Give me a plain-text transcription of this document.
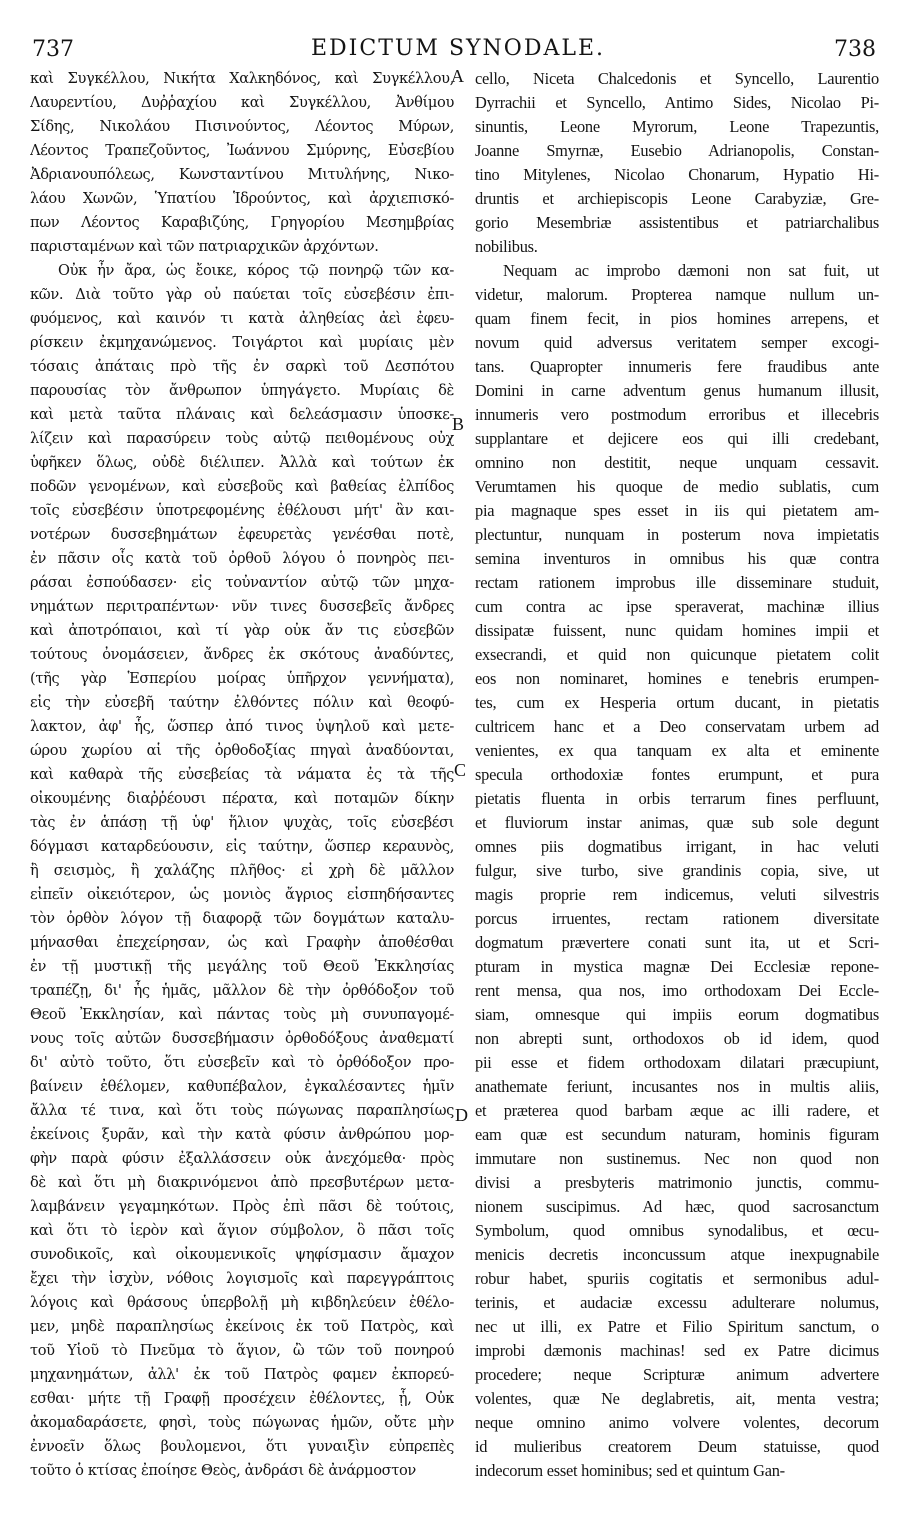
737	EDICTUM SYNODALE.	738
καὶ Συγκέλλου, Νικήτα Χαλκηδόνος, καὶ Συγκέλλου,
Λαυρεντίου, Δυῤῥαχίου καὶ Συγκέλλου, Ἀνθίμου
Σίδης, Νικολάου Πισινούντος, Λέοντος Μύρων,
Λέοντος Τραπεζοῦντος, Ἰωάννου Σμύρνης, Εὐσεβίου
Ἀδριανουπόλεως, Κωνσταντίνου Μιτυλήνης, Νικο-
λάου Χωνῶν, Ὑπατίου Ἱδρούντος, καὶ ἀρχιεπισκό-
πων Λέοντος Καραβιζύης, Γρηγορίου Μεσημβρίας
παρισταμένων καὶ τῶν πατριαρχικῶν ἀρχόντων.
Οὐκ ἦν ἄρα, ὡς ἔοικε, κόρος τῷ πονηρῷ τῶν κα-
κῶν. Διὰ τοῦτο γὰρ οὐ παύεται τοῖς εὐσεβέσιν ἐπι-
φυόμενος, καὶ καινόν τι κατὰ ἀληθείας ἀεὶ ἐφευ-
ρίσκειν ἐκμηχανώμενος. Τοιγάρτοι καὶ μυρίαις μὲν
τόσαις ἀπάταις πρὸ τῆς ἐν σαρκὶ τοῦ Δεσπότου
παρουσίας τὸν ἄνθρωπον ὑπηγάγετο. Μυρίαις δὲ
καὶ μετὰ ταῦτα πλάναις καὶ δελεάσμασιν ὑποσκε-
λίζειν καὶ παρασύρειν τοὺς αὐτῷ πειθομένους οὐχ
ὑφῆκεν ὅλως, οὐδὲ διέλιπεν. Ἀλλὰ καὶ τούτων ἐκ
ποδῶν γενομένων, καὶ εὐσεβοῦς καὶ βαθείας ἐλπίδος
τοῖς εὐσεβέσιν ὑποτρεφομένης ἐθέλουσι μήτ' ἂν και-
νοτέρων δυσσεβημάτων ἐφευρετὰς γενέσθαι ποτὲ,
ἐν πᾶσιν οἷς κατὰ τοῦ ὀρθοῦ λόγου ὁ πονηρὸς πει-
ράσαι ἐσπούδασεν· εἰς τοὐναντίον αὐτῷ τῶν μηχα-
νημάτων περιτραπέντων· νῦν τινες δυσσεβεῖς ἄνδρες
καὶ ἀποτρόπαιοι, καὶ τί γὰρ οὐκ ἄν τις εὐσεβῶν
τούτους ὀνομάσειεν, ἄνδρες ἐκ σκότους ἀναδύντες,
(τῆς γὰρ Ἑσπερίου μοίρας ὑπῆρχον γεννήματα),
εἰς τὴν εὐσεβῆ ταύτην ἐλθόντες πόλιν καὶ θεοφύ-
λακτον, ἀφ' ἧς, ὥσπερ ἀπό τινος ὑψηλοῦ καὶ μετε-
ώρου χωρίου αἱ τῆς ὀρθοδοξίας πηγαὶ ἀναδύονται,
καὶ καθαρὰ τῆς εὐσεβείας τὰ νάματα ἐς τὰ τῆς
οἰκουμένης διαῤῥέουσι πέρατα, καὶ ποταμῶν δίκην
τὰς ἐν ἁπάσῃ τῇ ὑφ' ἥλιον ψυχὰς, τοῖς εὐσεβέσι
δόγμασι καταρδεύουσιν, εἰς ταύτην, ὥσπερ κεραυνὸς,
ἢ σεισμὸς, ἢ χαλάζης πλῆθος· εἰ χρὴ δὲ μᾶλλον
εἰπεῖν οἰκειότερον, ὡς μονιὸς ἄγριος εἰσπηδήσαντες
τὸν ὀρθὸν λόγον τῇ διαφορᾷ τῶν δογμάτων καταλυ-
μήνασθαι ἐπεχείρησαν, ὡς καὶ Γραφὴν ἀποθέσθαι
ἐν τῇ μυστικῇ τῆς μεγάλης τοῦ Θεοῦ Ἐκκλησίας
τραπέζῃ, δι' ἧς ἡμᾶς, μᾶλλον δὲ τὴν ὀρθόδοξον τοῦ
Θεοῦ Ἐκκλησίαν, καὶ πάντας τοὺς μὴ συνυπαγομέ-
νους τοῖς αὐτῶν δυσσεβήμασιν ὀρθοδόξους ἀναθεματί
δι' αὐτὸ τοῦτο, ὅτι εὐσεβεῖν καὶ τὸ ὀρθόδοξον προ-
βαίνειν ἐθέλομεν, καθυπέβαλον, ἐγκαλέσαντες ἡμῖν
ἄλλα τέ τινα, καὶ ὅτι τοὺς πώγωνας παραπλησίως
ἐκείνοις ξυρᾶν, καὶ τὴν κατὰ φύσιν ἀνθρώπου μορ-
φὴν παρὰ φύσιν ἐξαλλάσσειν οὐκ ἀνεχόμεθα· πρὸς
δὲ καὶ ὅτι μὴ διακρινόμενοι ἀπὸ πρεσβυτέρων μετα-
λαμβάνειν γεγαμηκότων. Πρὸς ἐπὶ πᾶσι δὲ τούτοις,
καὶ ὅτι τὸ ἱερὸν καὶ ἅγιον σύμβολον, ὃ πᾶσι τοῖς
συνοδικοῖς, καὶ οἰκουμενικοῖς ψηφίσμασιν ἄμαχον
ἔχει τὴν ἰσχὺν, νόθοις λογισμοῖς καὶ παρεγγράπτοις
λόγοις καὶ θράσους ὑπερβολῇ μὴ κιβδηλεύειν ἐθέλο-
μεν, μηδὲ παραπλησίως ἐκείνοις ἐκ τοῦ Πατρὸς, καὶ
τοῦ Υἱοῦ τὸ Πνεῦμα τὸ ἅγιον, ὢ τῶν τοῦ πονηρού
μηχανημάτων, ἀλλ' ἐκ τοῦ Πατρὸς φαμεν ἐκπορεύ-
εσθαι· μήτε τῇ Γραφῇ προσέχειν ἐθέλοντες, ᾗ, Οὐκ
ἀκομαδαράσετε, φησὶ, τοὺς πώγωνας ἡμῶν, οὔτε μὴν
ἐννοεῖν ὅλως βουλομενοι, ὅτι γυναιξὶν εὐπρεπὲς
τοῦτο ὁ κτίσας ἐποίησε Θεὸς, ἀνδράσι δὲ ἀνάρμοστον
cello, Niceta Chalcedonis et Syncello, Laurentio
Dyrrachii et Syncello, Antimo Sides, Nicolao Pi-
sinuntis, Leone Myrorum, Leone Trapezuntis,
Joanne Smyrnæ, Eusebio Adrianopolis, Constan-
tino Mitylenes, Nicolao Chonarum, Hypatio Hi-
druntis et archiepiscopis Leone Carabyziæ, Gre-
gorio Mesembriæ assistentibus et patriarchalibus
nobilibus.
Nequam ac improbo dæmoni non sat fuit, ut
videtur, malorum. Propterea namque nullum un-
quam finem fecit, in pios homines arrepens, et
novum quid adversus veritatem semper excogi-
tans. Quapropter innumeris fere fraudibus ante
Domini in carne adventum genus humanum illusit,
innumeris vero postmodum erroribus et illecebris
supplantare et dejicere eos qui illi credebant,
omnino non destitit, neque unquam cessavit.
Verumtamen his quoque de medio sublatis, cum
pia magnaque spes esset in iis qui pietatem am-
plectuntur, nunquam in posterum nova impietatis
semina inventuros in omnibus his quæ contra
rectam rationem improbus ille disseminare studuit,
cum contra ac ipse speraverat, machinæ illius
dissipatæ fuissent, nunc quidam homines impii et
exsecrandi, et quid non quicunque pietatem colit
eos non nominaret, homines e tenebris erumpen-
tes, cum ex Hesperia ortum ducant, in pietatis
cultricem hanc et a Deo conservatam urbem ad
venientes, ex qua tanquam ex alta et eminente
specula orthodoxiæ fontes erumpunt, et pura
pietatis fluenta in orbis terrarum fines perfluunt,
et fluviorum instar animas, quæ sub sole degunt
omnes piis dogmatibus irrigant, in hac veluti
fulgur, sive turbo, sive grandinis copia, sive, ut
magis proprie rem indicemus, veluti silvestris
porcus irruentes, rectam rationem diversitate
dogmatum prævertere conati sunt ita, ut et Scri-
pturam in mystica magnæ Dei Ecclesiæ repone-
rent mensa, qua nos, imo orthodoxam Dei Eccle-
siam, omnesque qui impiis eorum dogmatibus
non abrepti sunt, orthodoxos ob id idem, quod
pii esse et fidem orthodoxam dilatari præcupiunt,
anathemate feriunt, incusantes nos in multis aliis,
et præterea quod barbam æque ac illi radere, et
eam quæ est secundum naturam, hominis figuram
immutare non sustinemus. Nec non quod non
divisi a presbyteris matrimonio junctis, commu-
nionem suscipimus. Ad hæc, quod sacrosanctum
Symbolum, quod omnibus synodalibus, et œcu-
menicis decretis inconcussum atque inexpugnabile
robur habet, spuriis cogitatis et sermonibus adul-
terinis, et audaciæ excessu adulterare nolumus,
nec ut illi, ex Patre et Filio Spiritum sanctum, o
improbi dæmonis machinas! sed ex Patre dicimus
procedere; neque Scripturæ animum advertere
volentes, quæ Ne deglabretis, ait, menta vestra;
neque omnino animo volvere volentes, decorum
id mulieribus creatorem Deum statuisse, quod
indecorum esset hominibus; sed et quintum Gan-
A
B
C
D
